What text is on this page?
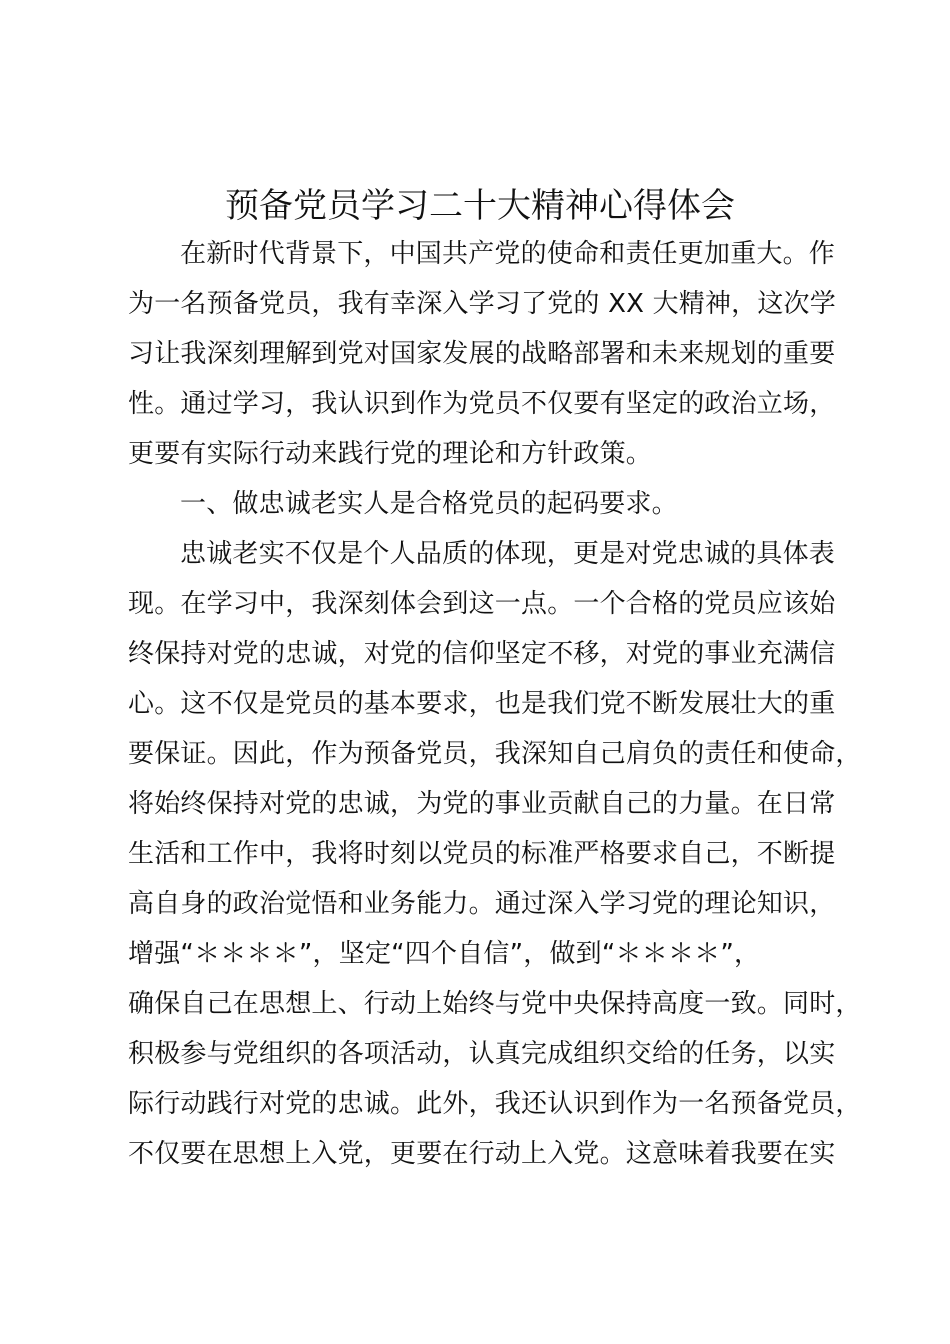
预备党员学习二十大精神心得体会
在新时代背景下，中国共产党的使命和责任更加重大。作
为一名预备党员，我有幸深入学习了党的 XX 大精神，这次学
习让我深刻理解到党对国家发展的战略部署和未来规划的重要
性。通过学习，我认识到作为党员不仅要有坚定的政治立场，
更要有实际行动来践行党的理论和方针政策。
一、做忠诚老实人是合格党员的起码要求。
忠诚老实不仅是个人品质的体现，更是对党忠诚的具体表
现。在学习中，我深刻体会到这一点。一个合格的党员应该始
终保持对党的忠诚，对党的信仰坚定不移，对党的事业充满信
心。这不仅是党员的基本要求，也是我们党不断发展壮大的重
要保证。因此，作为预备党员，我深知自己肩负的责任和使命，
将始终保持对党的忠诚，为党的事业贡献自己的力量。在日常
生活和工作中，我将时刻以党员的标准严格要求自己，不断提
高自身的政治觉悟和业务能力。通过深入学习党的理论知识，
增强“＊＊＊＊”，坚定“四个自信”，做到“＊＊＊＊”，
确保自己在思想上、行动上始终与党中央保持高度一致。同时，
积极参与党组织的各项活动，认真完成组织交给的任务，以实
际行动践行对党的忠诚。此外，我还认识到作为一名预备党员，
不仅要在思想上入党，更要在行动上入党。这意味着我要在实
